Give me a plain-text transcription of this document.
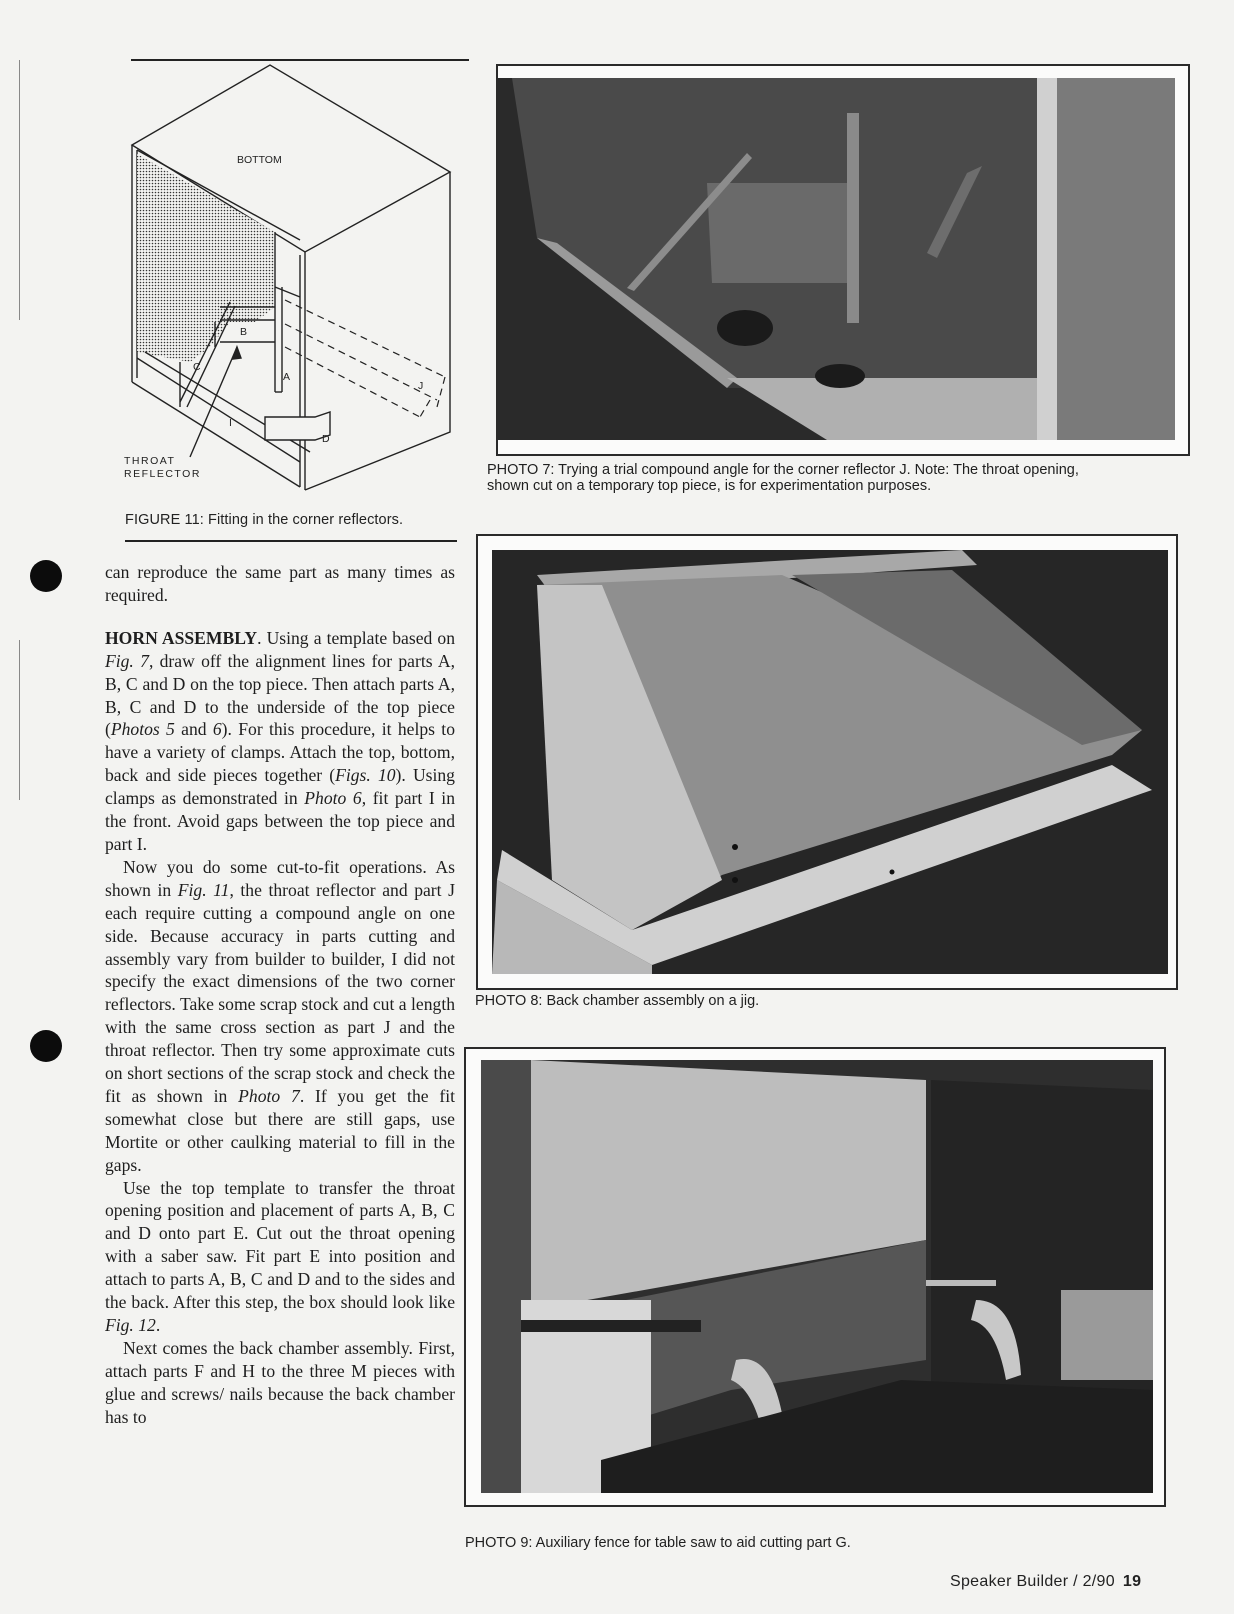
BOTTOM
B
C
A
D
I
J
THROAT
REFLECTOR
FIGURE 11: Fitting in the corner reflectors.

can reproduce the same part as many times as required.

HORN ASSEMBLY. Using a template based on Fig. 7, draw off the alignment lines for parts A, B, C and D on the top piece. Then attach parts A, B, C and D to the underside of the top piece (Photos 5 and 6). For this procedure, it helps to have a variety of clamps. Attach the top, bottom, back and side pieces together (Figs. 10). Using clamps as demonstrated in Photo 6, fit part I in the front. Avoid gaps between the top piece and part I.

Now you do some cut-to-fit operations. As shown in Fig. 11, the throat reflector and part J each require cutting a compound angle on one side. Because accuracy in parts cutting and assembly vary from builder to builder, I did not specify the exact dimensions of the two corner reflectors. Take some scrap stock and cut a length with the same cross section as part J and the throat reflector. Then try some approximate cuts on short sections of the scrap stock and check the fit as shown in Photo 7. If you get the fit somewhat close but there are still gaps, use Mortite or other caulking material to fill in the gaps.

Use the top template to transfer the throat opening position and placement of parts A, B, C and D onto part E. Cut out the throat opening with a saber saw. Fit part E into position and attach to parts A, B, C and D and to the sides and the back. After this step, the box should look like Fig. 12.

Next comes the back chamber assembly. First, attach parts F and H to the three M pieces with glue and screws/ nails because the back chamber has to

PHOTO 7: Trying a trial compound angle for the corner reflector J. Note: The throat opening,
shown cut on a temporary top piece, is for experimentation purposes.
PHOTO 8: Back chamber assembly on a jig.
PHOTO 9: Auxiliary fence for table saw to aid cutting part G.
Speaker Builder / 2/90 19
